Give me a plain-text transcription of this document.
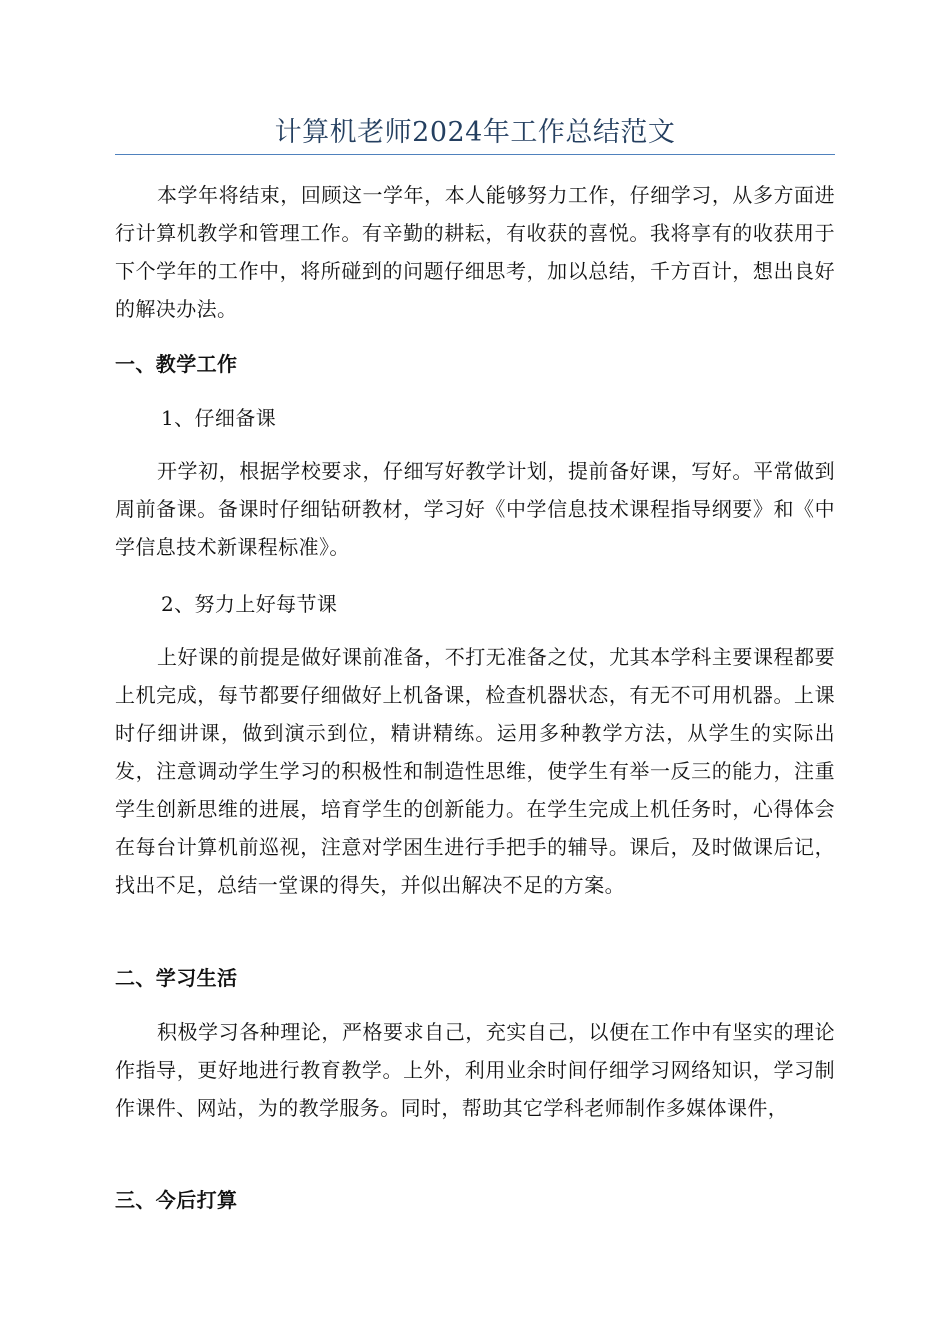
计算机老师2024年工作总结范文
本学年将结束，回顾这一学年，本人能够努力工作，仔细学习，从多方面进行计算机教学和管理工作。有辛勤的耕耘，有收获的喜悦。我将享有的收获用于下个学年的工作中，将所碰到的问题仔细思考，加以总结，千方百计，想出良好的解决办法。
一、教学工作
1、仔细备课
开学初，根据学校要求，仔细写好教学计划，提前备好课，写好。平常做到周前备课。备课时仔细钻研教材，学习好《中学信息技术课程指导纲要》和《中学信息技术新课程标准》。
2、努力上好每节课
上好课的前提是做好课前准备，不打无准备之仗，尤其本学科主要课程都要上机完成，每节都要仔细做好上机备课，检查机器状态，有无不可用机器。上课时仔细讲课，做到演示到位，精讲精练。运用多种教学方法，从学生的实际出发，注意调动学生学习的积极性和制造性思维，使学生有举一反三的能力，注重学生创新思维的进展，培育学生的创新能力。在学生完成上机任务时，心得体会在每台计算机前巡视，注意对学困生进行手把手的辅导。课后，及时做课后记，找出不足，总结一堂课的得失，并似出解决不足的方案。
二、学习生活
积极学习各种理论，严格要求自己，充实自己，以便在工作中有坚实的理论作指导，更好地进行教育教学。上外，利用业余时间仔细学习网络知识，学习制作课件、网站，为的教学服务。同时，帮助其它学科老师制作多媒体课件，
三、今后打算
